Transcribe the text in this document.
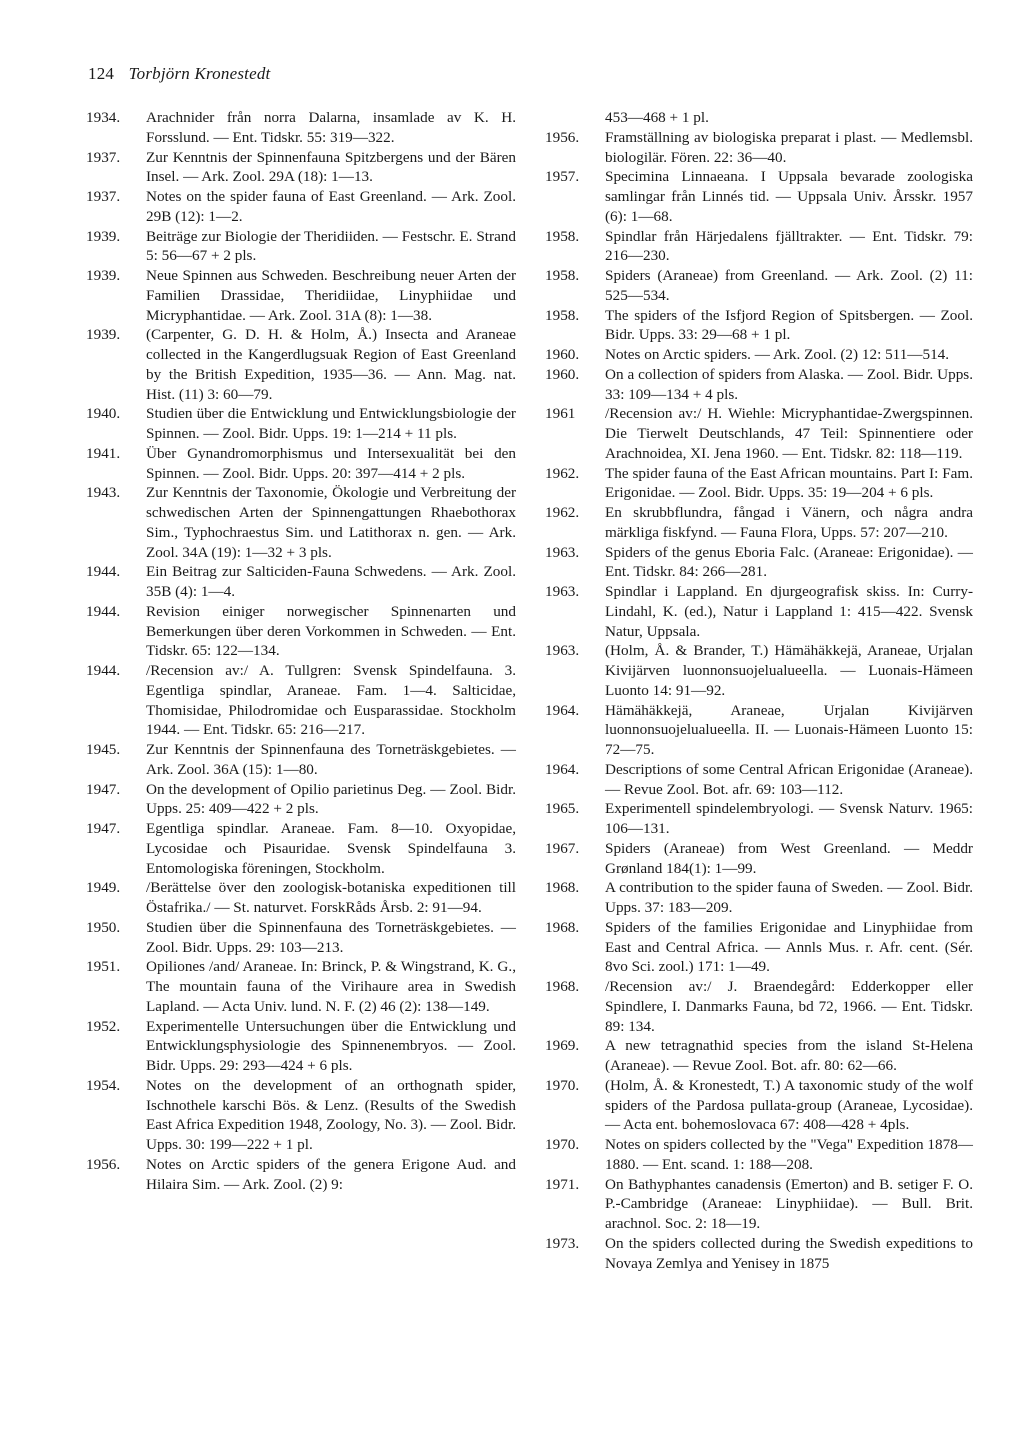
124 Torbjörn Kronestedt
1934.	Arachnider från norra Dalarna, insamlade av K. H. Forsslund. — Ent. Tidskr. 55: 319—322.
1937.	Zur Kenntnis der Spinnenfauna Spitzbergens und der Bären Insel. — Ark. Zool. 29A (18): 1—13.
1937.	Notes on the spider fauna of East Greenland. — Ark. Zool. 29B (12): 1—2.
1939.	Beiträge zur Biologie der Theridiiden. — Festschr. E. Strand 5: 56—67 + 2 pls.
1939.	Neue Spinnen aus Schweden. Beschreibung neuer Arten der Familien Drassidae, Theridiidae, Linyphiidae und Micryphantidae. — Ark. Zool. 31A (8): 1—38.
1939.	(Carpenter, G. D. H. & Holm, Å.) Insecta and Araneae collected in the Kangerdlugsuak Region of East Greenland by the British Expedition, 1935—36. — Ann. Mag. nat. Hist. (11) 3: 60—79.
1940.	Studien über die Entwicklung und Entwicklungsbiologie der Spinnen. — Zool. Bidr. Upps. 19: 1—214 + 11 pls.
1941.	Über Gynandromorphismus und Intersexualität bei den Spinnen. — Zool. Bidr. Upps. 20: 397—414 + 2 pls.
1943.	Zur Kenntnis der Taxonomie, Ökologie und Verbreitung der schwedischen Arten der Spinnengattungen Rhaebothorax Sim., Typhochraestus Sim. und Latithorax n. gen. — Ark. Zool. 34A (19): 1—32 + 3 pls.
1944.	Ein Beitrag zur Salticiden-Fauna Schwedens. — Ark. Zool. 35B (4): 1—4.
1944.	Revision einiger norwegischer Spinnenarten und Bemerkungen über deren Vorkommen in Schweden. — Ent. Tidskr. 65: 122—134.
1944.	/Recension av:/ A. Tullgren: Svensk Spindelfauna. 3. Egentliga spindlar, Araneae. Fam. 1—4. Salticidae, Thomisidae, Philodromidae och Eusparassidae. Stockholm 1944. — Ent. Tidskr. 65: 216—217.
1945.	Zur Kenntnis der Spinnenfauna des Torneträskgebietes. — Ark. Zool. 36A (15): 1—80.
1947.	On the development of Opilio parietinus Deg. — Zool. Bidr. Upps. 25: 409—422 + 2 pls.
1947.	Egentliga spindlar. Araneae. Fam. 8—10. Oxyopidae, Lycosidae och Pisauridae. Svensk Spindelfauna 3. Entomologiska föreningen, Stockholm.
1949.	/Berättelse över den zoologisk-botaniska expeditionen till Östafrika./ — St. naturvet. ForskRåds Årsb. 2: 91—94.
1950.	Studien über die Spinnenfauna des Torneträskgebietes. — Zool. Bidr. Upps. 29: 103—213.
1951.	Opiliones /and/ Araneae. In: Brinck, P. & Wingstrand, K. G., The mountain fauna of the Virihaure area in Swedish Lapland. — Acta Univ. lund. N. F. (2) 46 (2): 138—149.
1952.	Experimentelle Untersuchungen über die Entwicklung und Entwicklungsphysiologie des Spinnenembryos. — Zool. Bidr. Upps. 29: 293—424 + 6 pls.
1954.	Notes on the development of an orthognath spider, Ischnothele karschi Bös. & Lenz. (Results of the Swedish East Africa Expedition 1948, Zoology, No. 3). — Zool. Bidr. Upps. 30: 199—222 + 1 pl.
1956.	Notes on Arctic spiders of the genera Erigone Aud. and Hilaira Sim. — Ark. Zool. (2) 9:
453—468 + 1 pl.
1956.	Framställning av biologiska preparat i plast. — Medlemsbl. biologilär. Fören. 22: 36—40.
1957.	Specimina Linnaeana. I Uppsala bevarade zoologiska samlingar från Linnés tid. — Uppsala Univ. Årsskr. 1957 (6): 1—68.
1958.	Spindlar från Härjedalens fjälltrakter. — Ent. Tidskr. 79: 216—230.
1958.	Spiders (Araneae) from Greenland. — Ark. Zool. (2) 11: 525—534.
1958.	The spiders of the Isfjord Region of Spitsbergen. — Zool. Bidr. Upps. 33: 29—68 + 1 pl.
1960.	Notes on Arctic spiders. — Ark. Zool. (2) 12: 511—514.
1960.	On a collection of spiders from Alaska. — Zool. Bidr. Upps. 33: 109—134 + 4 pls.
1961	/Recension av:/ H. Wiehle: Micryphantidae-Zwergspinnen. Die Tierwelt Deutschlands, 47 Teil: Spinnentiere oder Arachnoidea, XI. Jena 1960. — Ent. Tidskr. 82: 118—119.
1962.	The spider fauna of the East African mountains. Part I: Fam. Erigonidae. — Zool. Bidr. Upps. 35: 19—204 + 6 pls.
1962.	En skrubbflundra, fångad i Vänern, och några andra märkliga fiskfynd. — Fauna Flora, Upps. 57: 207—210.
1963.	Spiders of the genus Eboria Falc. (Araneae: Erigonidae). — Ent. Tidskr. 84: 266—281.
1963.	Spindlar i Lappland. En djurgeografisk skiss. In: Curry-Lindahl, K. (ed.), Natur i Lappland 1: 415—422. Svensk Natur, Uppsala.
1963.	(Holm, Å. & Brander, T.) Hämähäkkejä, Araneae, Urjalan Kivijärven luonnonsuojelualueella. — Luonais-Hämeen Luonto 14: 91—92.
1964.	Hämähäkkejä, Araneae, Urjalan Kivijärven luonnonsuojelualueella. II. — Luonais-Hämeen Luonto 15: 72—75.
1964.	Descriptions of some Central African Erigonidae (Araneae). — Revue Zool. Bot. afr. 69: 103—112.
1965.	Experimentell spindelembryologi. — Svensk Naturv. 1965: 106—131.
1967.	Spiders (Araneae) from West Greenland. — Meddr Grønland 184(1): 1—99.
1968.	A contribution to the spider fauna of Sweden. — Zool. Bidr. Upps. 37: 183—209.
1968.	Spiders of the families Erigonidae and Linyphiidae from East and Central Africa. — Annls Mus. r. Afr. cent. (Sér. 8vo Sci. zool.) 171: 1—49.
1968.	/Recension av:/ J. Braendegård: Edderkopper eller Spindlere, I. Danmarks Fauna, bd 72, 1966. — Ent. Tidskr. 89: 134.
1969.	A new tetragnathid species from the island St-Helena (Araneae). — Revue Zool. Bot. afr. 80: 62—66.
1970.	(Holm, Å. & Kronestedt, T.) A taxonomic study of the wolf spiders of the Pardosa pullata-group (Araneae, Lycosidae). — Acta ent. bohemoslovaca 67: 408—428 + 4pls.
1970.	Notes on spiders collected by the "Vega" Expedition 1878—1880. — Ent. scand. 1: 188—208.
1971.	On Bathyphantes canadensis (Emerton) and B. setiger F. O. P.-Cambridge (Araneae: Linyphiidae). — Bull. Brit. arachnol. Soc. 2: 18—19.
1973.	On the spiders collected during the Swedish expeditions to Novaya Zemlya and Yenisey in 1875
